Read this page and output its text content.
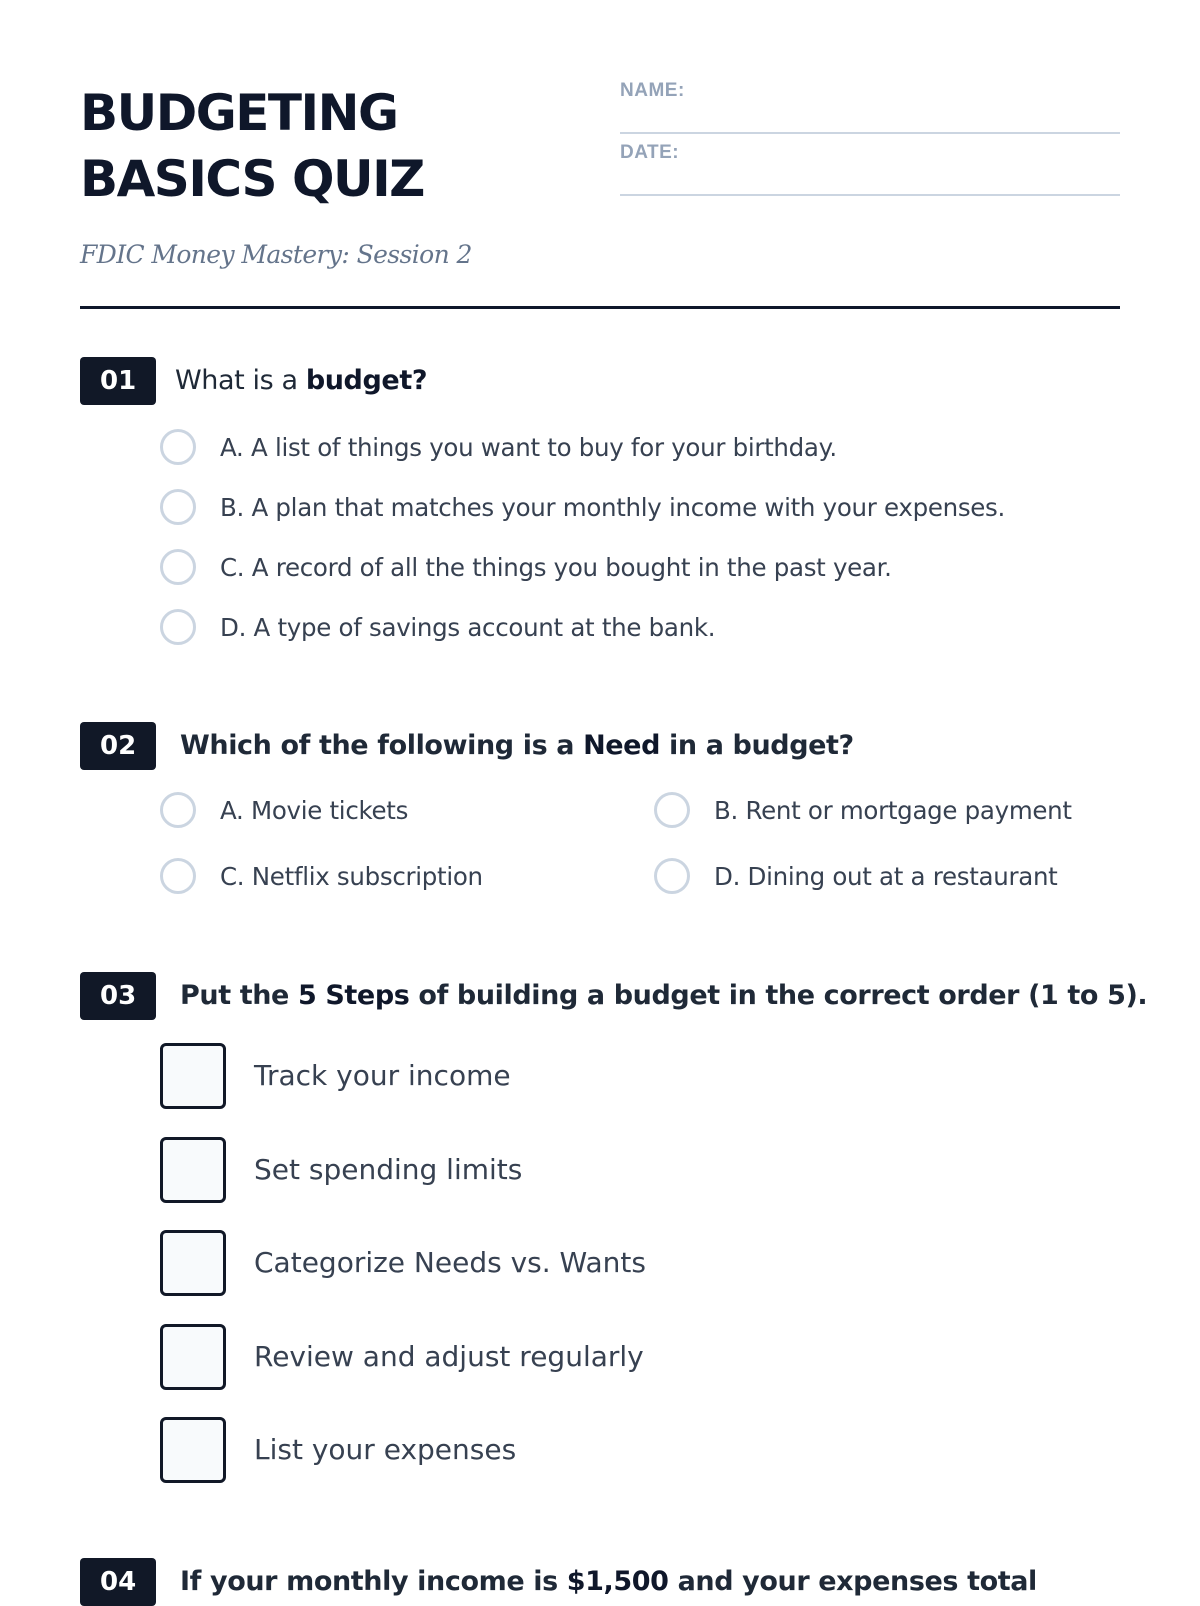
BUDGETING
BASICS QUIZ
FDIC Money Mastery: Session 2
NAME:
DATE:
01	What is a budget?
A. A list of things you want to buy for your birthday.
B. A plan that matches your monthly income with your expenses.
C. A record of all the things you bought in the past year.
D. A type of savings account at the bank.
02	Which of the following is a Need in a budget?
A. Movie tickets	B. Rent or mortgage payment
C. Netflix subscription	D. Dining out at a restaurant
03	Put the 5 Steps of building a budget in the correct order (1 to 5).
Track your income
Set spending limits
Categorize Needs vs. Wants
Review and adjust regularly
List your expenses
04	If your monthly income is $1,500 and your expenses total
